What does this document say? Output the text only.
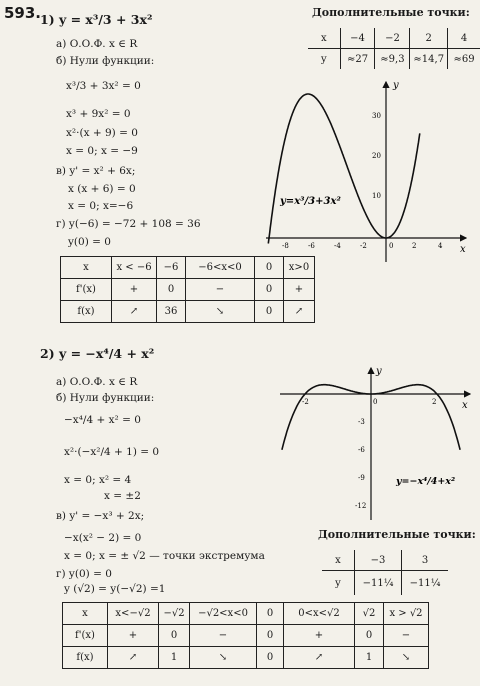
593.
1) y = x³/3 + 3x²
а) О.О.Ф. x ∈ R
б) Нули функции:
x³/3 + 3x² = 0
x³ + 9x² = 0
x²·(x + 9) = 0
x = 0; x = −9
в) y' = x² + 6x;
x (x + 6) = 0
x = 0; x=−6
г) y(−6) = −72 + 108 = 36
y(0) = 0
Дополнительные точки:
x	−4	−2	2	4
y	≈27	≈9,3	≈14,7	≈69
y
x
-8	-6	-4	-2	0	2	4
30
20
10
y=x³/3+3x²
x	x < −6	−6	−6<x<0	0	x>0
f'(x)	+	0	−	0	+
f(x)	↗	36	↘	0	↗
2) y = −x⁴/4 + x²
а) О.О.Ф. x ∈ R
б) Нули функции:
−x⁴/4 + x² = 0
x²·(−x²/4 + 1) = 0
x = 0; x² = 4
x = ±2
в) y' = −x³ + 2x;
−x(x² − 2) = 0
x = 0; x = ± √2 — точки экстремума
г) y(0) = 0
y (√2) = y(−√2) =1
Дополнительные точки:
x	−3	3
y	−11¼	−11¼
y
x
-2	0	2
-3
-6
-9
-12
y=−x⁴/4+x²
x	x<−√2	−√2	−√2<x<0	0	0<x<√2	√2	x > √2
f'(x)	+	0	−	0	+	0	−
f(x)	↗	1	↘	0	↗	1	↘
